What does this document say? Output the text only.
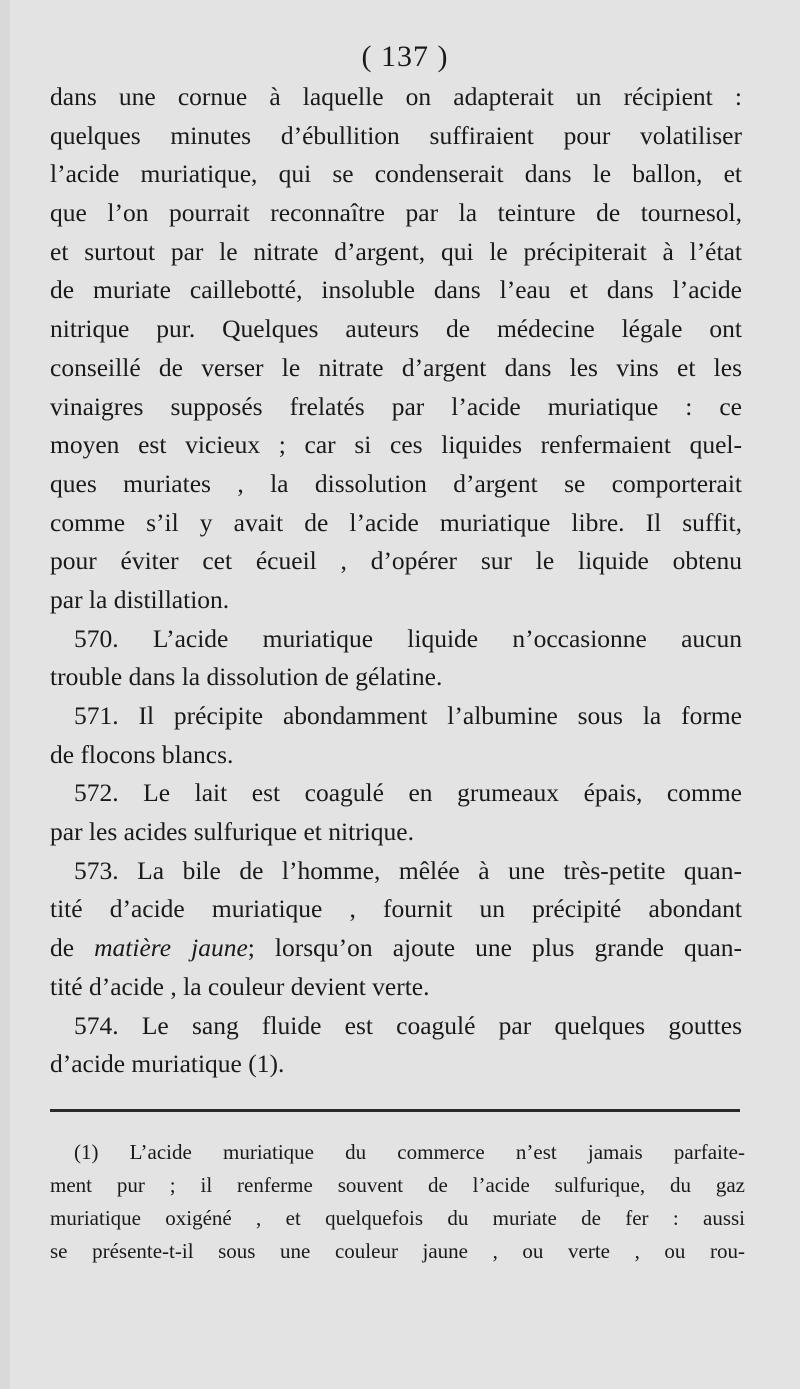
( 137 )
dans une cornue à laquelle on adapterait un récipient :
quelques minutes d’ébullition suffiraient pour volatiliser
l’acide muriatique, qui se condenserait dans le ballon, et
que l’on pourrait reconnaître par la teinture de tournesol,
et surtout par le nitrate d’argent, qui le précipiterait à l’état
de muriate caillebotté, insoluble dans l’eau et dans l’acide
nitrique pur. Quelques auteurs de médecine légale ont
conseillé de verser le nitrate d’argent dans les vins et les
vinaigres supposés frelatés par l’acide muriatique : ce
moyen est vicieux ; car si ces liquides renfermaient quel-
ques muriates , la dissolution d’argent se comporterait
comme s’il y avait de l’acide muriatique libre. Il suffit,
pour éviter cet écueil , d’opérer sur le liquide obtenu
par la distillation.
570. L’acide muriatique liquide n’occasionne aucun
trouble dans la dissolution de gélatine.
571. Il précipite abondamment l’albumine sous la forme
de flocons blancs.
572. Le lait est coagulé en grumeaux épais, comme
par les acides sulfurique et nitrique.
573. La bile de l’homme, mêlée à une très-petite quan-
tité d’acide muriatique , fournit un précipité abondant
de matière jaune; lorsqu’on ajoute une plus grande quan-
tité d’acide , la couleur devient verte.
574. Le sang fluide est coagulé par quelques gouttes
d’acide muriatique (1).
(1) L’acide muriatique du commerce n’est jamais parfaite-
ment pur ; il renferme souvent de l’acide sulfurique, du gaz
muriatique oxigéné , et quelquefois du muriate de fer : aussi
se présente-t-il sous une couleur jaune , ou verte , ou rou-
